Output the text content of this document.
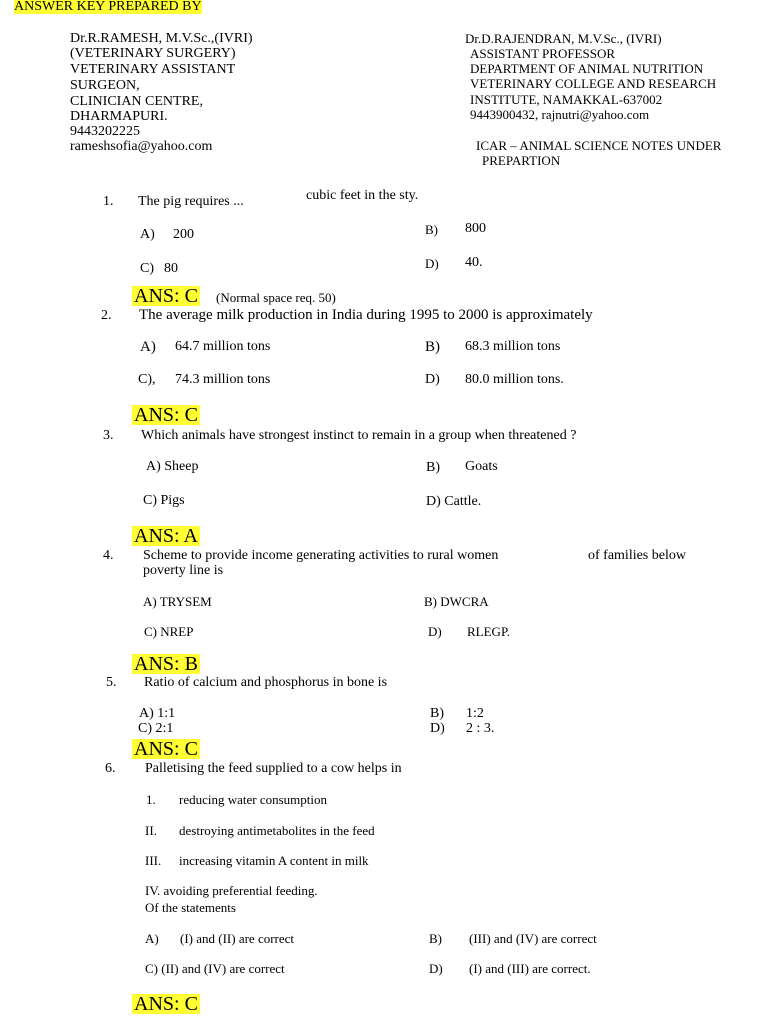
ANSWER KEY PREPARED BY
Dr.R.RAMESH, M.V.Sc.,(IVRI)
(VETERINARY SURGERY)
VETERINARY ASSISTANT
SURGEON,
CLINICIAN CENTRE,
DHARMAPURI.
9443202225
rameshsofia@yahoo.com
Dr.D.RAJENDRAN, M.V.Sc., (IVRI)
ASSISTANT PROFESSOR
DEPARTMENT OF ANIMAL NUTRITION
VETERINARY COLLEGE AND RESEARCH
INSTITUTE, NAMAKKAL-637002
9443900432, rajnutri@yahoo.com
ICAR – ANIMAL SCIENCE NOTES UNDER
PREPARTION
1. The pig requires ...	cubic feet in the sty.
A) 200	B) 800
C) 80	D) 40.
ANS: C (Normal space req. 50)
2. The average milk production in India during 1995 to 2000 is approximately
A) 64.7 million tons	B) 68.3 million tons
C), 74.3 million tons	D) 80.0 million tons.
ANS: C
3. Which animals have strongest instinct to remain in a group when threatened ?
A) Sheep	B) Goats
C) Pigs	D) Cattle.
ANS: A
4. Scheme to provide income generating activities to rural women	of families below
poverty line is
A) TRYSEM	B) DWCRA
C) NREP	D) RLEGP.
ANS: B
5. Ratio of calcium and phosphorus in bone is
A) 1:1	B) 1:2
C) 2:1	D) 2 : 3.
ANS: C
6. Palletising the feed supplied to a cow helps in
1. reducing water consumption
II. destroying antimetabolites in the feed
III. increasing vitamin A content in milk
IV. avoiding preferential feeding.
Of the statements
A) (I) and (II) are correct	B) (III) and (IV) are correct
C) (II) and (IV) are correct	D) (I) and (III) are correct.
ANS: C
